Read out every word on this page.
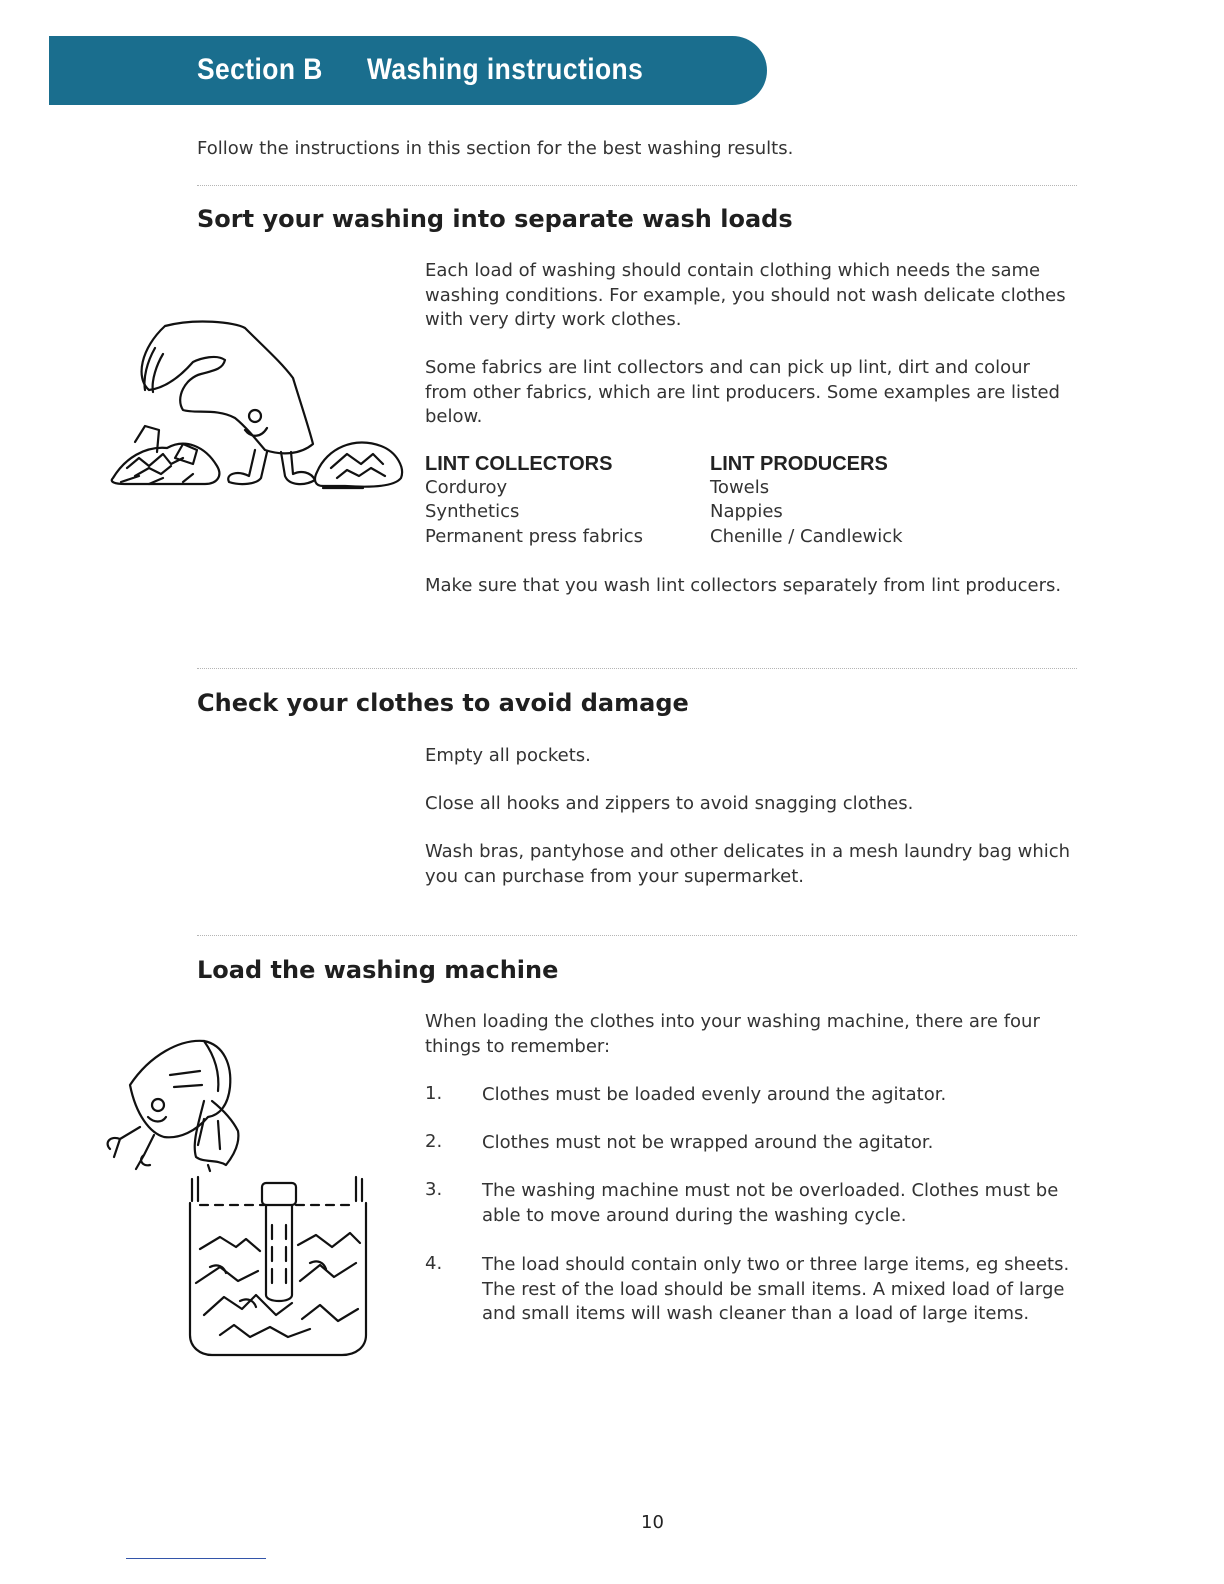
Section B Washing instructions
Follow the instructions in this section for the best washing results.
Sort your washing into separate wash loads
Each load of washing should contain clothing which needs the same washing conditions. For example, you should not wash delicate clothes with very dirty work clothes.
Some fabrics are lint collectors and can pick up lint, dirt and colour from other fabrics, which are lint producers. Some examples are listed below.
LINT COLLECTORS
Corduroy
Synthetics
Permanent press fabrics
LINT PRODUCERS
Towels
Nappies
Chenille / Candlewick
Make sure that you wash lint collectors separately from lint producers.
Check your clothes to avoid damage
Empty all pockets.
Close all hooks and zippers to avoid snagging clothes.
Wash bras, pantyhose and other delicates in a mesh laundry bag which you can purchase from your supermarket.
Load the washing machine
When loading the clothes into your washing machine, there are four things to remember:
1. Clothes must be loaded evenly around the agitator.
2. Clothes must not be wrapped around the agitator.
3. The washing machine must not be overloaded. Clothes must be able to move around during the washing cycle.
4. The load should contain only two or three large items, eg sheets. The rest of the load should be small items. A mixed load of large and small items will wash cleaner than a load of large items.
10
